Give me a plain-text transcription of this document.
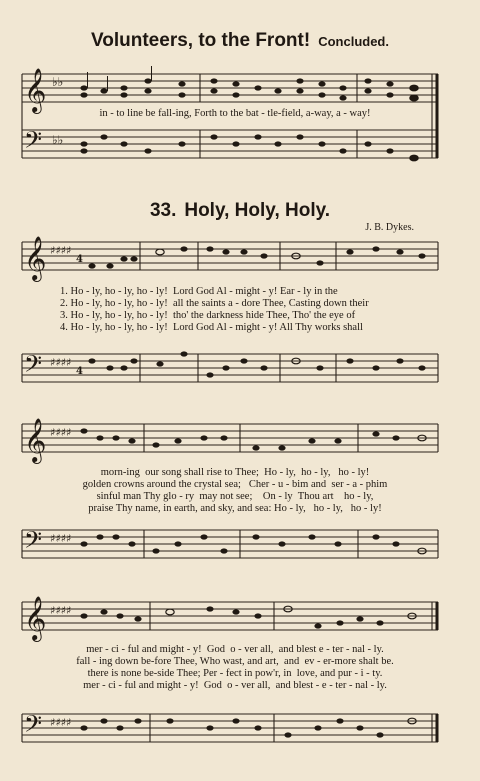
Volunteers, to the Front! Concluded.
𝄞 ♭♭
𝄢 ♭♭
in - to line be fall-ing, Forth to the bat - tle-field, a-way, a - way!
33. Holy, Holy, Holy.
J. B. Dykes.
𝄞 ♯♯♯♯
4
1. Ho - ly, ho - ly, ho - ly!  Lord God Al - might - y! Ear - ly in the
2. Ho - ly, ho - ly, ho - ly!  all the saints a - dore Thee, Casting down their
3. Ho - ly, ho - ly, ho - ly!  tho' the darkness hide Thee, Tho' the eye of
4. Ho - ly, ho - ly, ho - ly!  Lord God Al - might - y! All Thy works shall
𝄢 ♯♯♯♯
4
𝄞 ♯♯♯♯
morn-ing  our song shall rise to Thee;  Ho - ly,  ho - ly,   ho - ly!
golden crowns around the crystal sea;   Cher - u - bim and  ser - a - phim
sinful man Thy glo - ry  may not see;    On - ly  Thou art    ho - ly,
praise Thy name, in earth, and sky, and sea: Ho - ly,   ho - ly,   ho - ly!
𝄢 ♯♯♯♯
𝄞 ♯♯♯♯
mer - ci - ful and might - y!  God  o - ver all,  and blest e - ter - nal - ly.
fall - ing down be-fore Thee, Who wast, and art,  and  ev - er-more shalt be.
there is none be-side Thee; Per - fect in pow'r, in  love, and pur - i - ty.
mer - ci - ful and might - y!  God  o - ver all,  and blest - e - ter - nal - ly.
𝄢 ♯♯♯♯
